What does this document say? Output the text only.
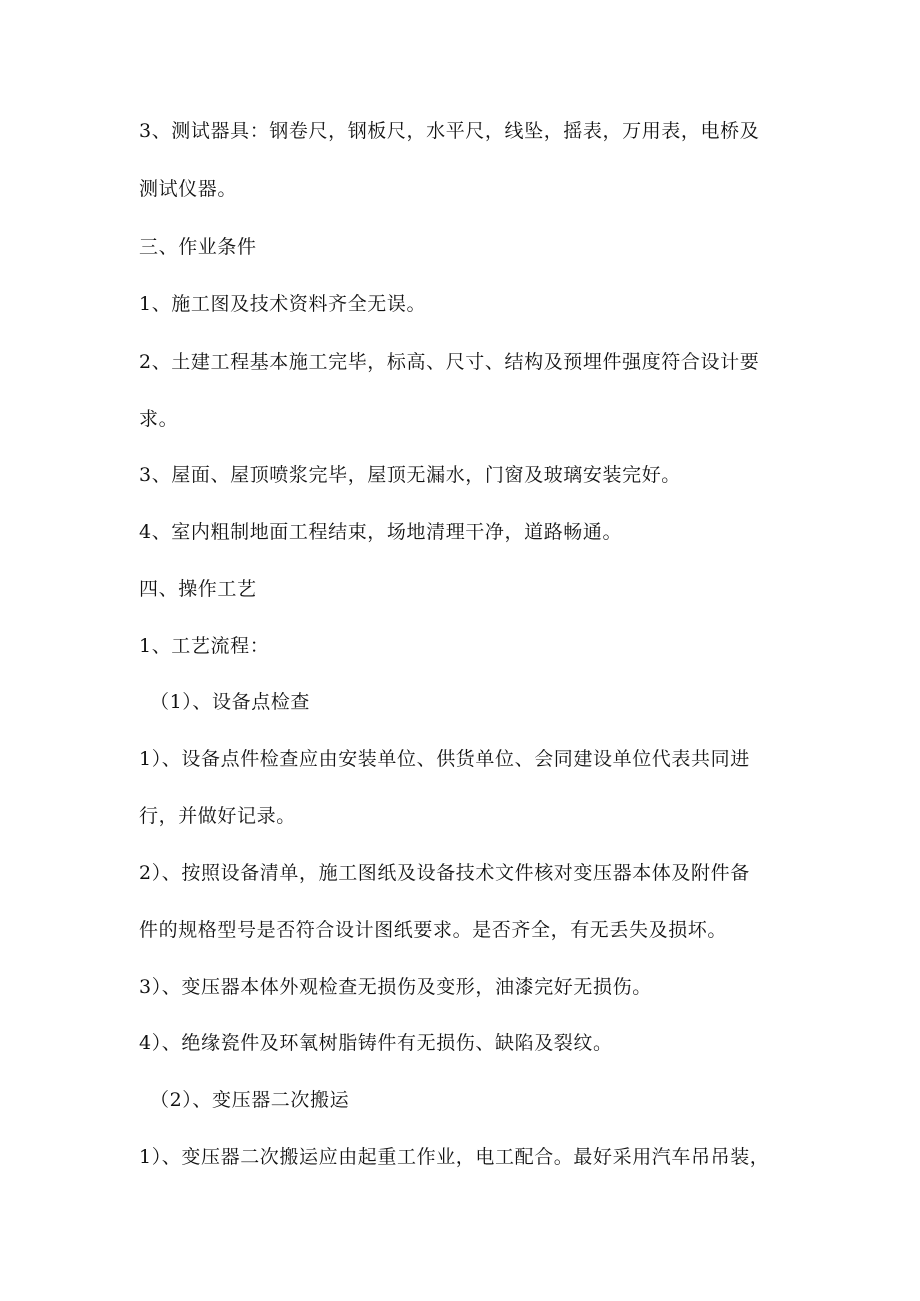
3、测试器具：钢卷尺，钢板尺，水平尺，线坠，摇表，万用表，电桥及
测试仪器。
三、作业条件
1、施工图及技术资料齐全无误。
2、土建工程基本施工完毕，标高、尺寸、结构及预埋件强度符合设计要
求。
3、屋面、屋顶喷浆完毕，屋顶无漏水，门窗及玻璃安装完好。
4、室内粗制地面工程结束，场地清理干净，道路畅通。
四、操作工艺
1、工艺流程：
（1）、设备点检查
1）、设备点件检查应由安装单位、供货单位、会同建设单位代表共同进
行，并做好记录。
2）、按照设备清单，施工图纸及设备技术文件核对变压器本体及附件备
件的规格型号是否符合设计图纸要求。是否齐全，有无丢失及损坏。
3）、变压器本体外观检查无损伤及变形，油漆完好无损伤。
4）、绝缘瓷件及环氧树脂铸件有无损伤、缺陷及裂纹。
（2）、变压器二次搬运
1）、变压器二次搬运应由起重工作业，电工配合。最好采用汽车吊吊装，
